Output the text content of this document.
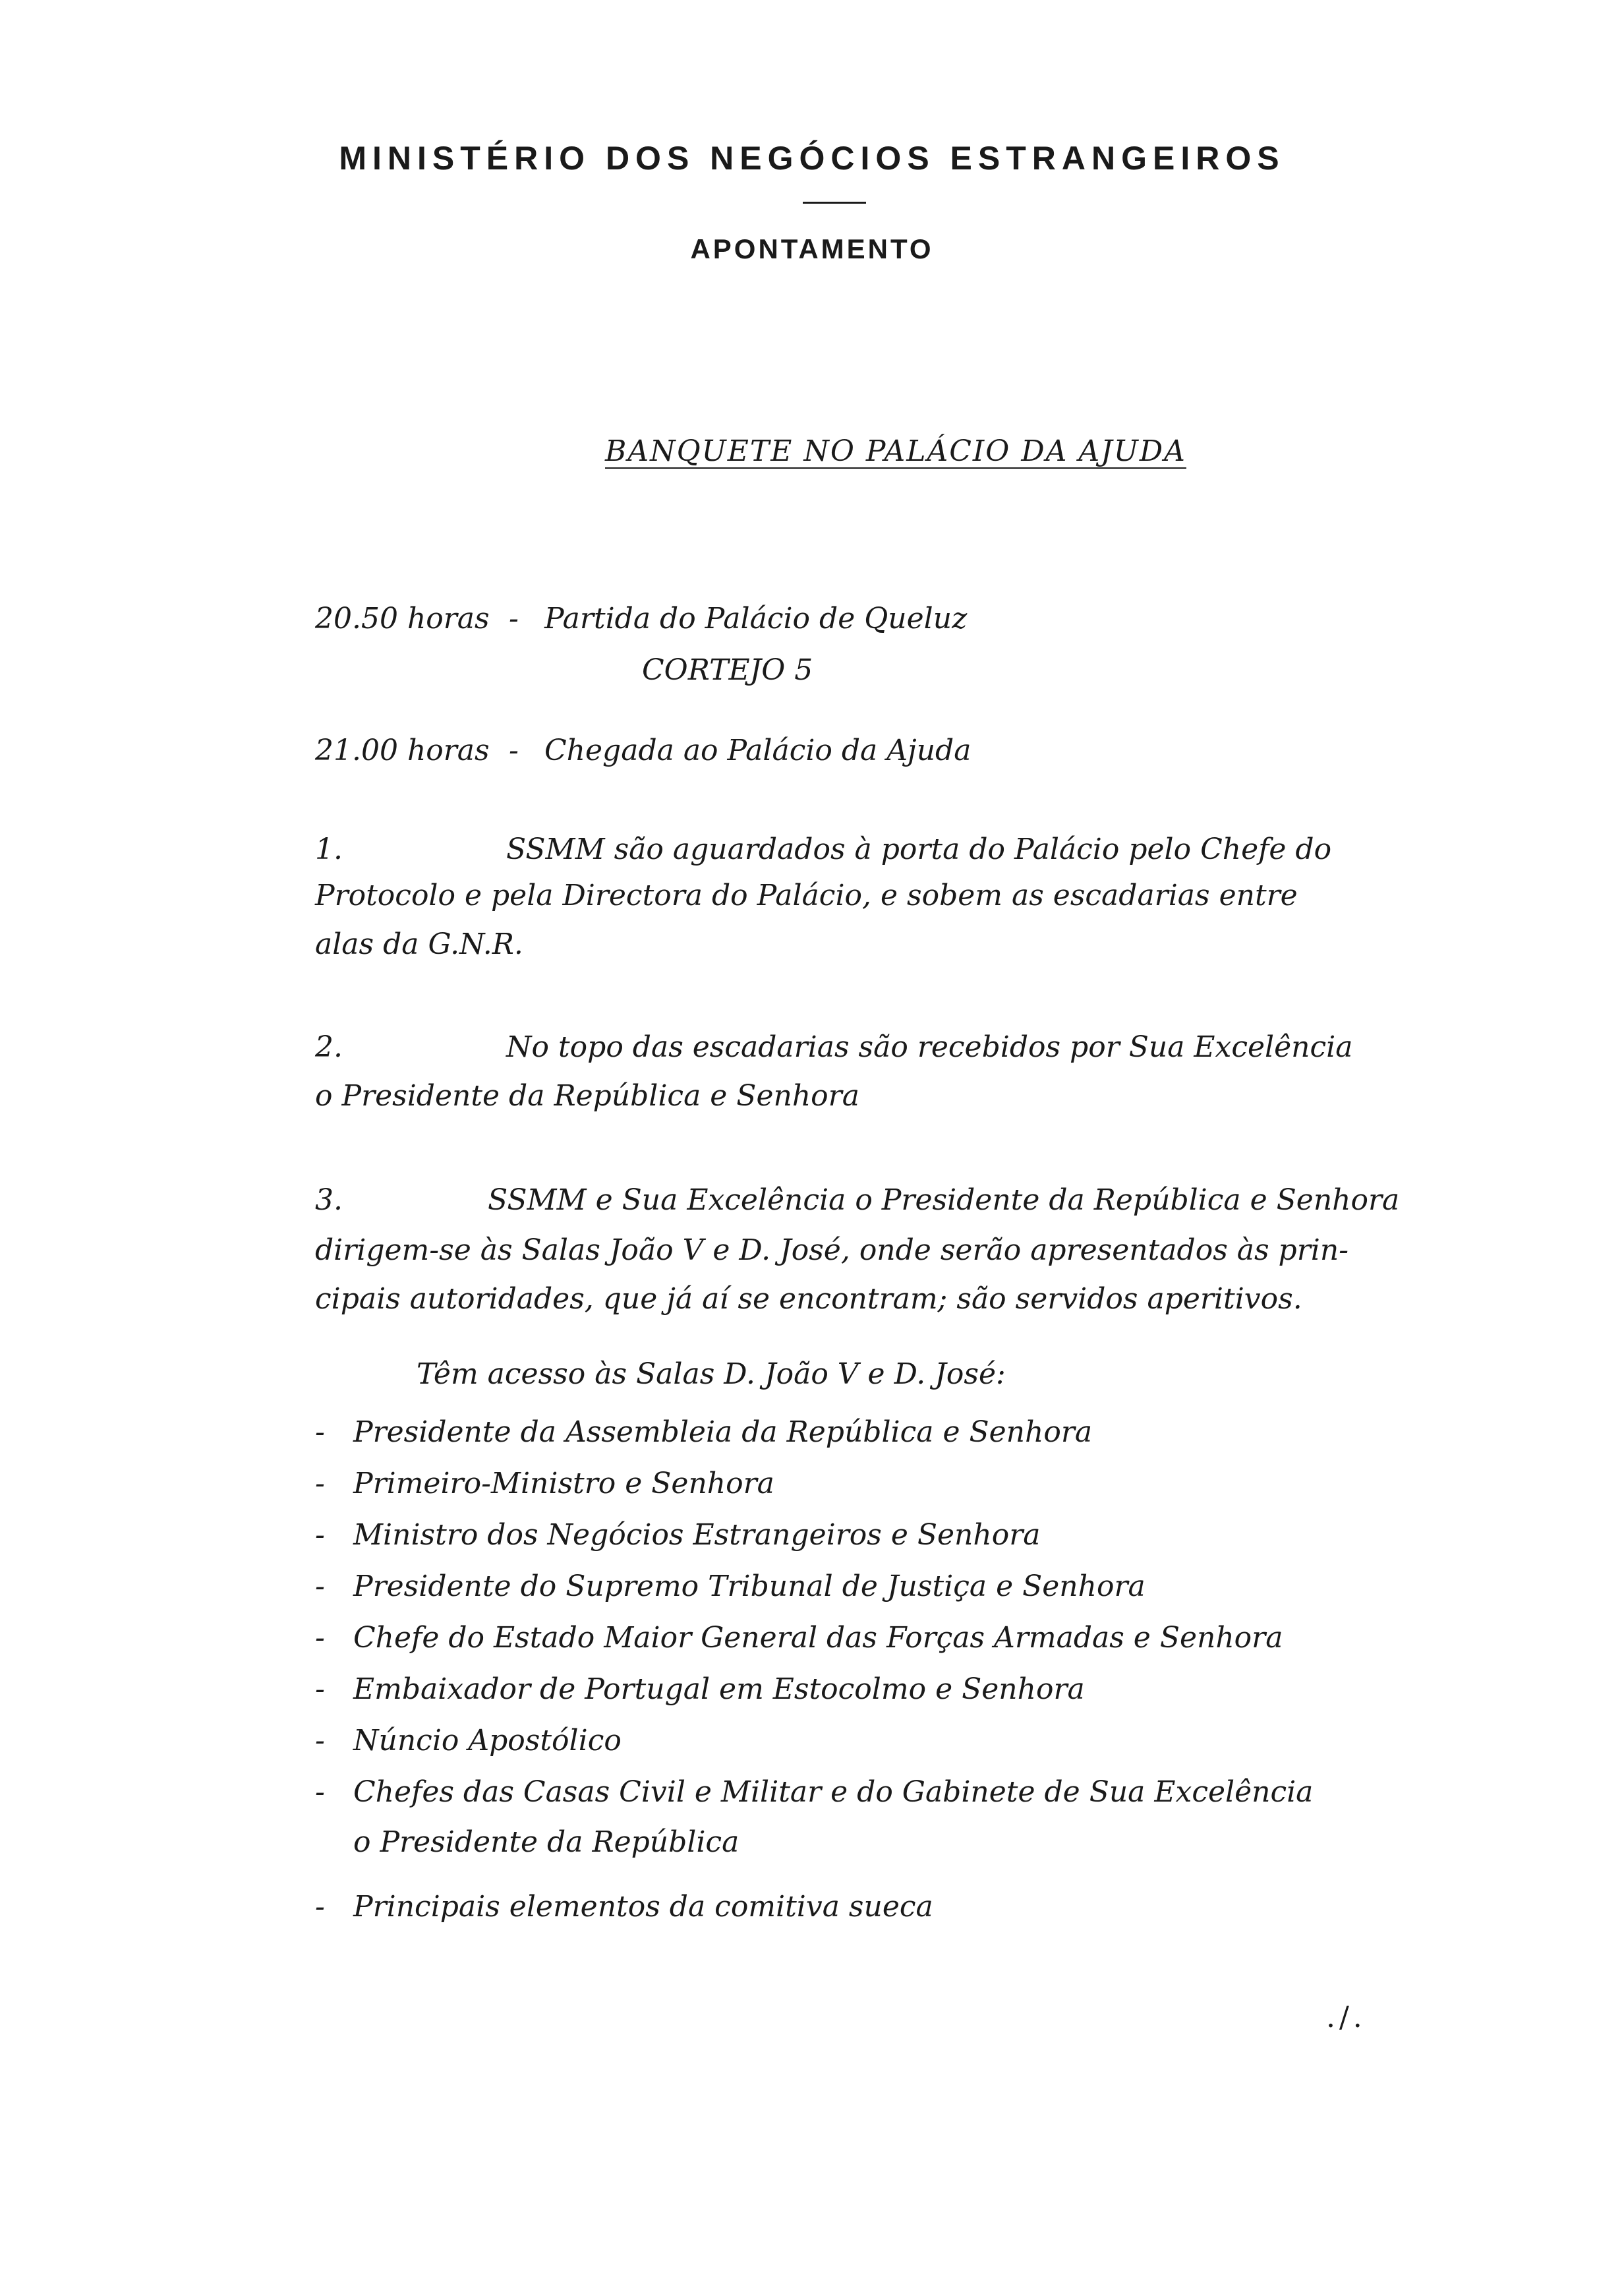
MINISTÉRIO DOS NEGÓCIOS ESTRANGEIROS
APONTAMENTO
BANQUETE NO PALÁCIO DA AJUDA
20.50 horas - Partida do Palácio de Queluz
CORTEJO 5
21.00 horas - Chegada ao Palácio da Ajuda
1.	SSMM são aguardados à porta do Palácio pelo Chefe do
Protocolo e pela Directora do Palácio, e sobem as escadarias entre
alas da G.N.R.
2.	No topo das escadarias são recebidos por Sua Excelência
o Presidente da República e Senhora
3.	SSMM e Sua Excelência o Presidente da República e Senhora
dirigem-se às Salas João V e D. José, onde serão apresentados às prin-
cipais autoridades, que já aí se encontram; são servidos aperitivos.
Têm acesso às Salas D. João V e D. José:
- Presidente da Assembleia da República e Senhora
- Primeiro-Ministro e Senhora
- Ministro dos Negócios Estrangeiros e Senhora
- Presidente do Supremo Tribunal de Justiça e Senhora
- Chefe do Estado Maior General das Forças Armadas e Senhora
- Embaixador de Portugal em Estocolmo e Senhora
- Núncio Apostólico
- Chefes das Casas Civil e Militar e do Gabinete de Sua Excelência
o Presidente da República
- Principais elementos da comitiva sueca
./.
